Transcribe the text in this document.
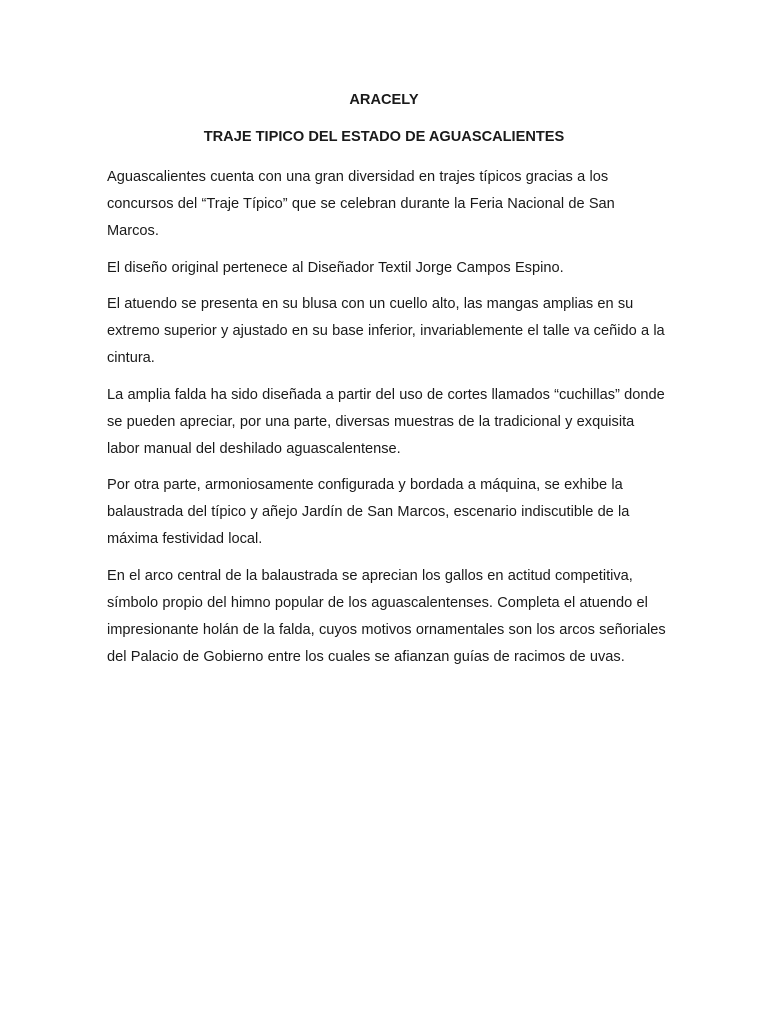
ARACELY
TRAJE TIPICO DEL ESTADO DE AGUASCALIENTES

Aguascalientes cuenta con una gran diversidad en trajes típicos gracias a los concursos del “Traje Típico” que se celebran durante la Feria Nacional de San Marcos.

El diseño original pertenece al Diseñador Textil Jorge Campos Espino.

El atuendo se presenta en su blusa con un cuello alto, las mangas amplias en su extremo superior y ajustado en su base inferior, invariablemente el talle va ceñido a la cintura.

La amplia falda ha sido diseñada a partir del uso de cortes llamados “cuchillas” donde se pueden apreciar, por una parte, diversas muestras de la tradicional y exquisita labor manual del deshilado aguascalentense.

Por otra parte, armoniosamente configurada y bordada a máquina, se exhibe la balaustrada del típico y añejo Jardín de San Marcos, escenario indiscutible de la máxima festividad local.

En el arco central de la balaustrada se aprecian los gallos en actitud competitiva, símbolo propio del himno popular de los aguascalentenses. Completa el atuendo el impresionante holán de la falda, cuyos motivos ornamentales son los arcos señoriales del Palacio de Gobierno entre los cuales se afianzan guías de racimos de uvas.
